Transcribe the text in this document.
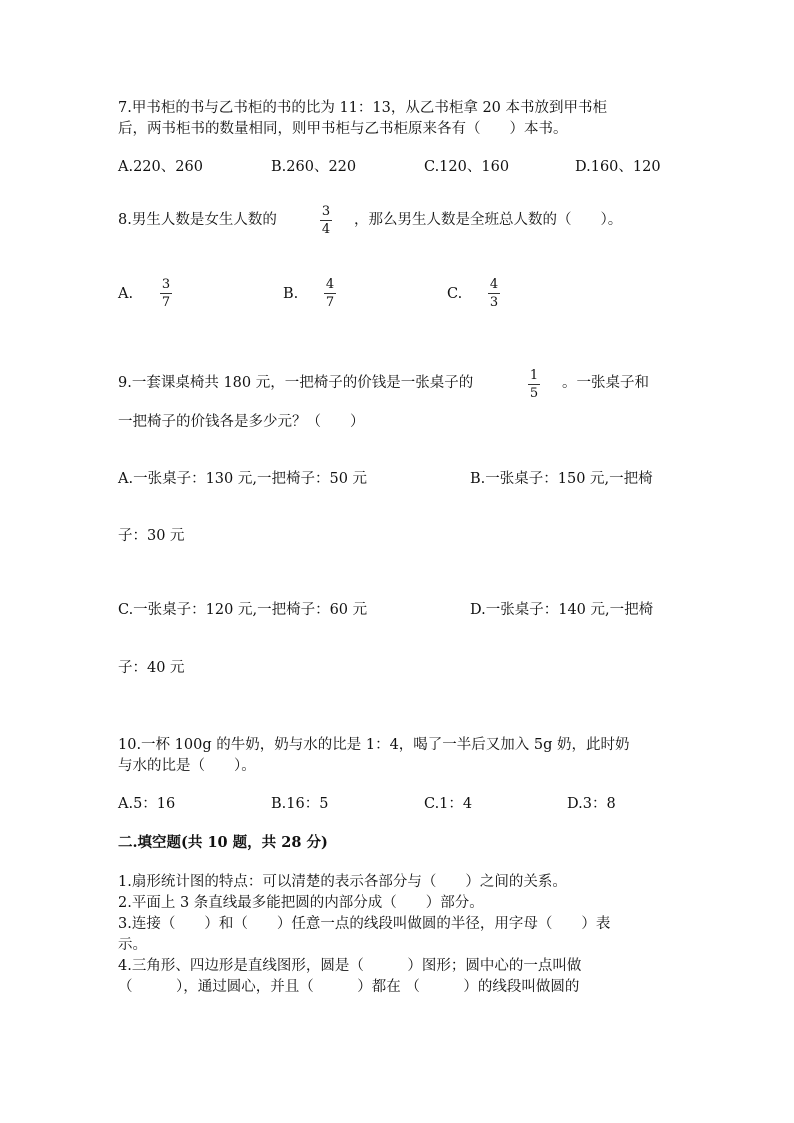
7.甲书柜的书与乙书柜的书的比为 11：13，从乙书柜拿 20 本书放到甲书柜
后，两书柜书的数量相同，则甲书柜与乙书柜原来各有（　　）本书。
A.220、260	B.260、220	C.120、160	D.160、120
8.男生人数是女生人数的
3
4
，那么男生人数是全班总人数的（　　）。
A.
3
7
B.
4
7
C.
4
3
9.一套课桌椅共 180 元，一把椅子的价钱是一张桌子的	1
5
。一张桌子和
一把椅子的价钱各是多少元？（　　）
A.一张桌子：130 元,一把椅子：50 元	B.一张桌子：150 元,一把椅
子：30 元
C.一张桌子：120 元,一把椅子：60 元	D.一张桌子：140 元,一把椅
子：40 元
10.一杯 100g 的牛奶，奶与水的比是 1：4，喝了一半后又加入 5g 奶，此时奶
与水的比是（　　）。
A.5：16	B.16：5	C.1：4	D.3：8
二.填空题(共 10 题，共 28 分)
1.扇形统计图的特点：可以清楚的表示各部分与（　　）之间的关系。
2.平面上 3 条直线最多能把圆的内部分成（　　）部分。
3.连接（　　）和（　　）任意一点的线段叫做圆的半径，用字母（　　）表
示。
4.三角形、四边形是直线图形，圆是（　　　）图形；圆中心的一点叫做
（　　　），通过圆心，并且（　　　）都在 （　　　）的线段叫做圆的
